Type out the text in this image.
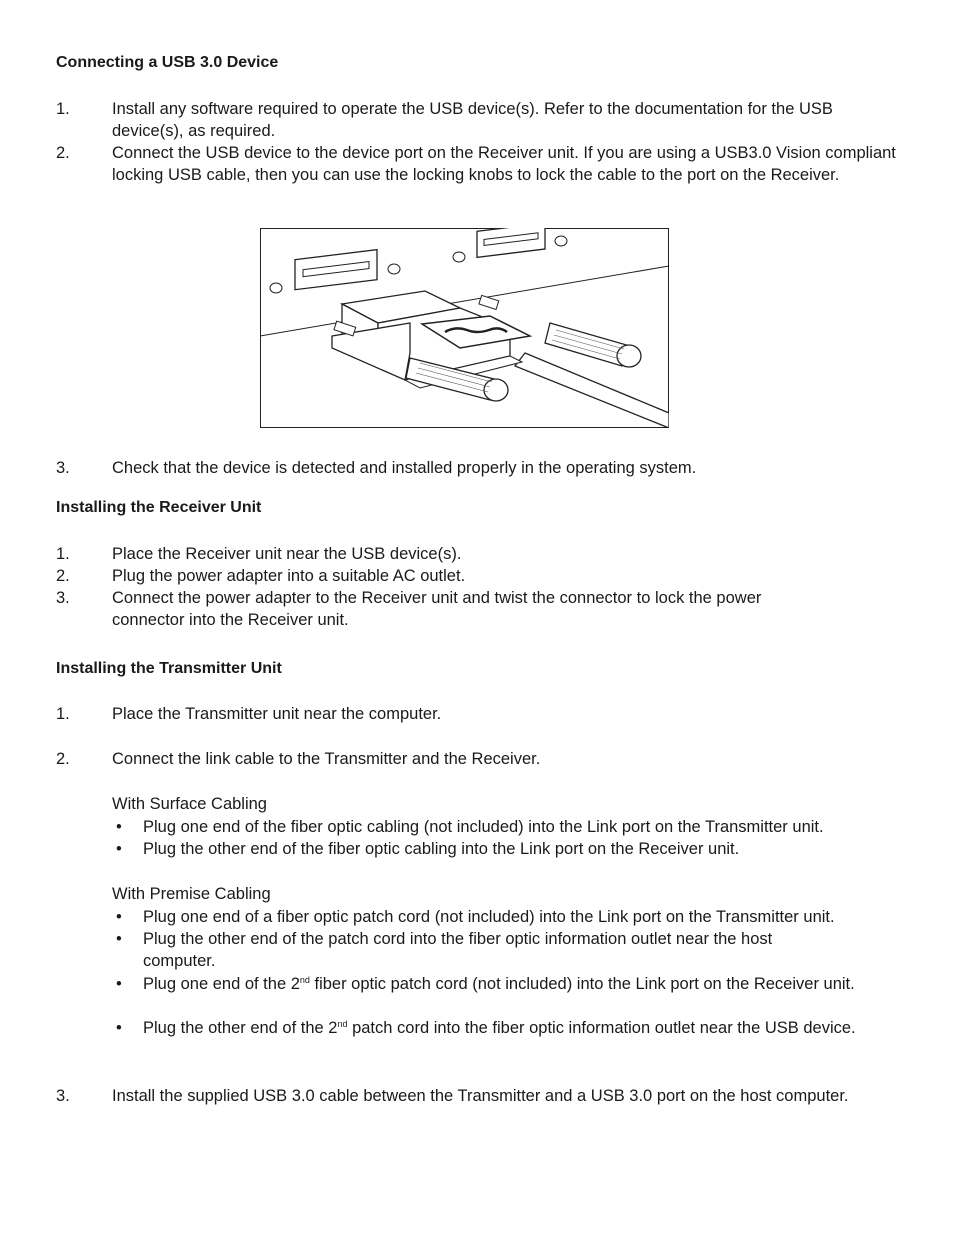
Connecting a USB 3.0 Device
1.	Install any software required to operate the USB device(s). Refer to the documentation for the USB device(s), as required.
2.	Connect the USB device to the device port on the Receiver unit. If you are using a USB3.0 Vision compliant locking USB cable, then you can use the locking knobs to lock the cable to the port on the Receiver.
3.	Check that the device is detected and installed properly in the operating system.
Installing the Receiver Unit
1.	Place the Receiver unit near the USB device(s).
2.	Plug the power adapter into a suitable AC outlet.
3.	Connect the power adapter to the Receiver unit and twist the connector to lock the power connector into the Receiver unit.
Installing the Transmitter Unit
1.	Place the Transmitter unit near the computer.
2.	Connect the link cable to the Transmitter and the Receiver.
With Surface Cabling
• Plug one end of the fiber optic cabling (not included) into the Link port on the Transmitter unit.
• Plug the other end of the fiber optic cabling into the Link port on the Receiver unit.
With Premise Cabling
• Plug one end of a fiber optic patch cord (not included) into the Link port on the Transmitter unit.
• Plug the other end of the patch cord into the fiber optic information outlet near the host computer.
• Plug one end of the 2nd fiber optic patch cord (not included) into the Link port on the Receiver unit.
• Plug the other end of the 2nd patch cord into the fiber optic information outlet near the USB device.
3.	Install the supplied USB 3.0 cable between the Transmitter and a USB 3.0 port on the host computer.
